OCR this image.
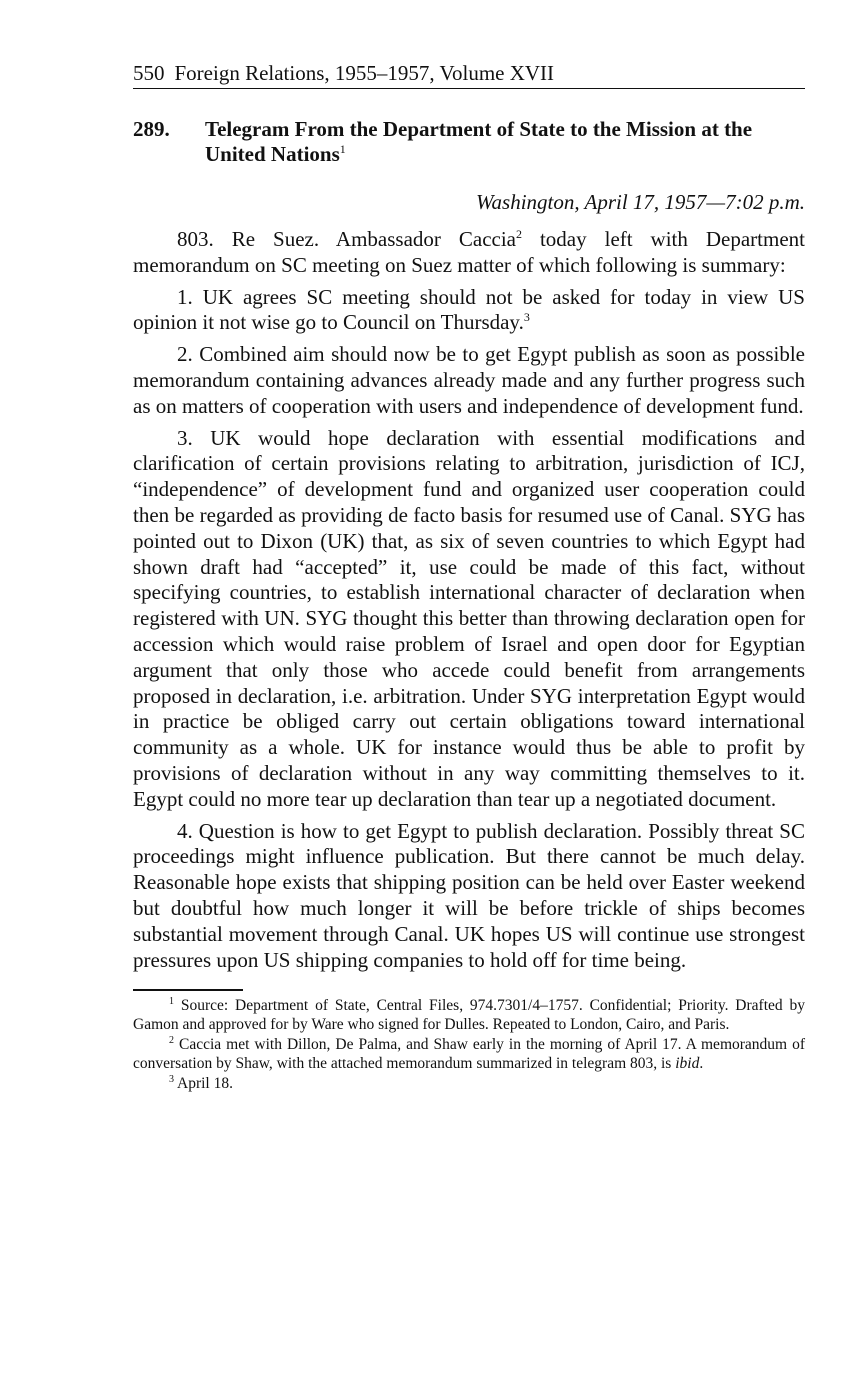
550 Foreign Relations, 1955–1957, Volume XVII
289.	Telegram From the Department of State to the Mission at the United Nations$^1$
Washington, April 17, 1957—7:02 p.m.

803. Re Suez. Ambassador Caccia$^2$ today left with Department memorandum on SC meeting on Suez matter of which following is summary:

1. UK agrees SC meeting should not be asked for today in view US opinion it not wise go to Council on Thursday.$^3$

2. Combined aim should now be to get Egypt publish as soon as possible memorandum containing advances already made and any further progress such as on matters of cooperation with users and independence of development fund.

3. UK would hope declaration with essential modifications and clarification of certain provisions relating to arbitration, jurisdiction of ICJ, “independence” of development fund and organized user cooperation could then be regarded as providing de facto basis for resumed use of Canal. SYG has pointed out to Dixon (UK) that, as six of seven countries to which Egypt had shown draft had “accepted” it, use could be made of this fact, without specifying countries, to establish international character of declaration when registered with UN. SYG thought this better than throwing declaration open for accession which would raise problem of Israel and open door for Egyptian argument that only those who accede could benefit from arrangements proposed in declaration, i.e. arbitration. Under SYG interpretation Egypt would in practice be obliged carry out certain obligations toward international community as a whole. UK for instance would thus be able to profit by provisions of declaration without in any way committing themselves to it. Egypt could no more tear up declaration than tear up a negotiated document.

4. Question is how to get Egypt to publish declaration. Possibly threat SC proceedings might influence publication. But there cannot be much delay. Reasonable hope exists that shipping position can be held over Easter weekend but doubtful how much longer it will be before trickle of ships becomes substantial movement through Canal. UK hopes US will continue use strongest pressures upon US shipping companies to hold off for time being.

$^1$ Source: Department of State, Central Files, 974.7301/4–1757. Confidential; Priority. Drafted by Gamon and approved for by Ware who signed for Dulles. Repeated to London, Cairo, and Paris.

$^2$ Caccia met with Dillon, De Palma, and Shaw early in the morning of April 17. A memorandum of conversation by Shaw, with the attached memorandum summarized in telegram 803, is ibid.

$^3$ April 18.
